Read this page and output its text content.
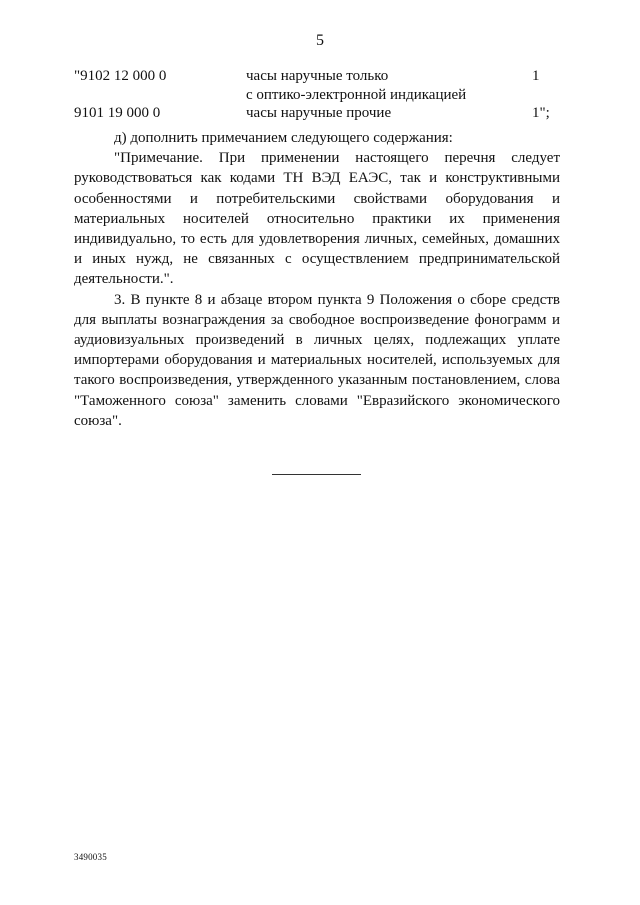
5
"9102 12 000 0	часы наручные только	1
с оптико-электронной индикацией
9101 19 000 0	часы наручные прочие	1";

д) дополнить примечанием следующего содержания:

"Примечание. При применении настоящего перечня следует руководствоваться как кодами ТН ВЭД ЕАЭС, так и конструктивными особенностями и потребительскими свойствами оборудования и материальных носителей относительно практики их применения индивидуально, то есть для удовлетворения личных, семейных, домашних и иных нужд, не связанных с осуществлением предпринимательской деятельности.".

3. В пункте 8 и абзаце втором пункта 9 Положения о сборе средств для выплаты вознаграждения за свободное воспроизведение фонограмм и аудиовизуальных произведений в личных целях, подлежащих уплате импортерами оборудования и материальных носителей, используемых для такого воспроизведения, утвержденного указанным постановлением, слова "Таможенного союза" заменить словами "Евразийского экономического союза".

3490035
